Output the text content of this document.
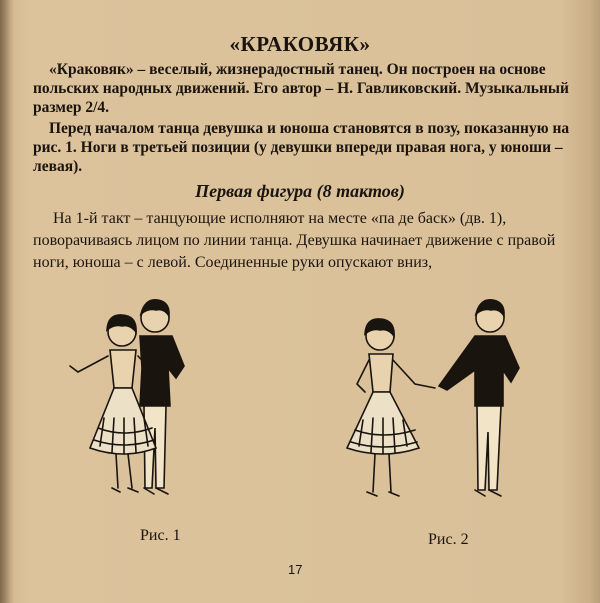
«КРАКОВЯК»
«Краковяк» – веселый, жизнерадостный танец. Он построен на основе польских народных движений. Его автор – Н. Гавликовский. Музыкальный размер 2/4.
Перед началом танца девушка и юноша становятся в позу, показанную на рис. 1. Ноги в третьей позиции (у девушки впереди правая нога, у юноши – левая).
Первая фигура (8 тактов)
На 1-й такт – танцующие исполняют на месте «па де баск» (дв. 1), поворачиваясь лицом по линии танца. Девушка начинает движение с правой ноги, юноша – с левой. Соединенные руки опускают вниз,
Рис. 1	Рис. 2
17
